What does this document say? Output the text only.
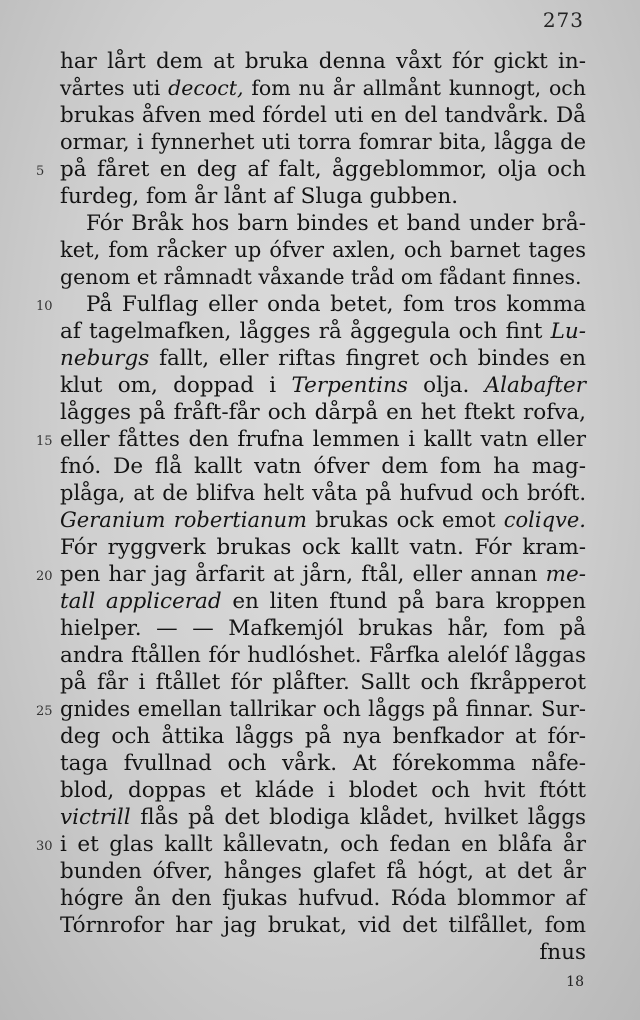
273
har lårt dem at bruka denna våxt fór gickt in-
vårtes uti decoct, fom nu år allmånt kunnogt, och
brukas åfven med fórdel uti en del tandvårk. Då
ormar, i fynnerhet uti torra fomrar bita, lågga de
5 på fåret en deg af falt, åggeblommor, olja och
furdeg, fom år lånt af Sluga gubben.
Fór Bråk hos barn bindes et band under brå-
ket, fom råcker up ófver axlen, och barnet tages
genom et råmnadt våxande tråd om fådant finnes.
10 På Fulflag eller onda betet, fom tros komma
af tagelmafken, lågges rå åggegula och fint Lu-
neburgs fallt, eller riftas fingret och bindes en
klut om, doppad i Terpentins olja. Alabafter
lågges på fråft-får och dårpå en het ftekt rofva,
15 eller fåttes den frufna lemmen i kallt vatn eller
fnó. De flå kallt vatn ófver dem fom ha mag-
plåga, at de blifva helt våta på hufvud och bróft.
Geranium robertianum brukas ock emot coliqve.
Fór ryggverk brukas ock kallt vatn. Fór kram-
20 pen har jag årfarit at jårn, ftål, eller annan me-
tall applicerad en liten ftund på bara kroppen
hielper. — — Mafkemjól brukas hår, fom på
andra ftållen fór hudlóshet. Fårfka alelóf låggas
på får i ftållet fór plåfter. Sallt och fkråpperot
25 gnides emellan tallrikar och låggs på finnar. Sur-
deg och åttika låggs på nya benfkador at fór-
taga fvullnad och vårk. At fórekomma nåfe-
blod, doppas et kláde i blodet och hvit ftótt
victrill flås på det blodiga klådet, hvilket låggs
30 i et glas kallt kållevatn, och fedan en blåfa år
bunden ófver, hånges glafet få hógt, at det år
hógre ån den fjukas hufvud. Róda blommor af
Tórnrofor har jag brukat, vid det tilfållet, fom
fnus
18
